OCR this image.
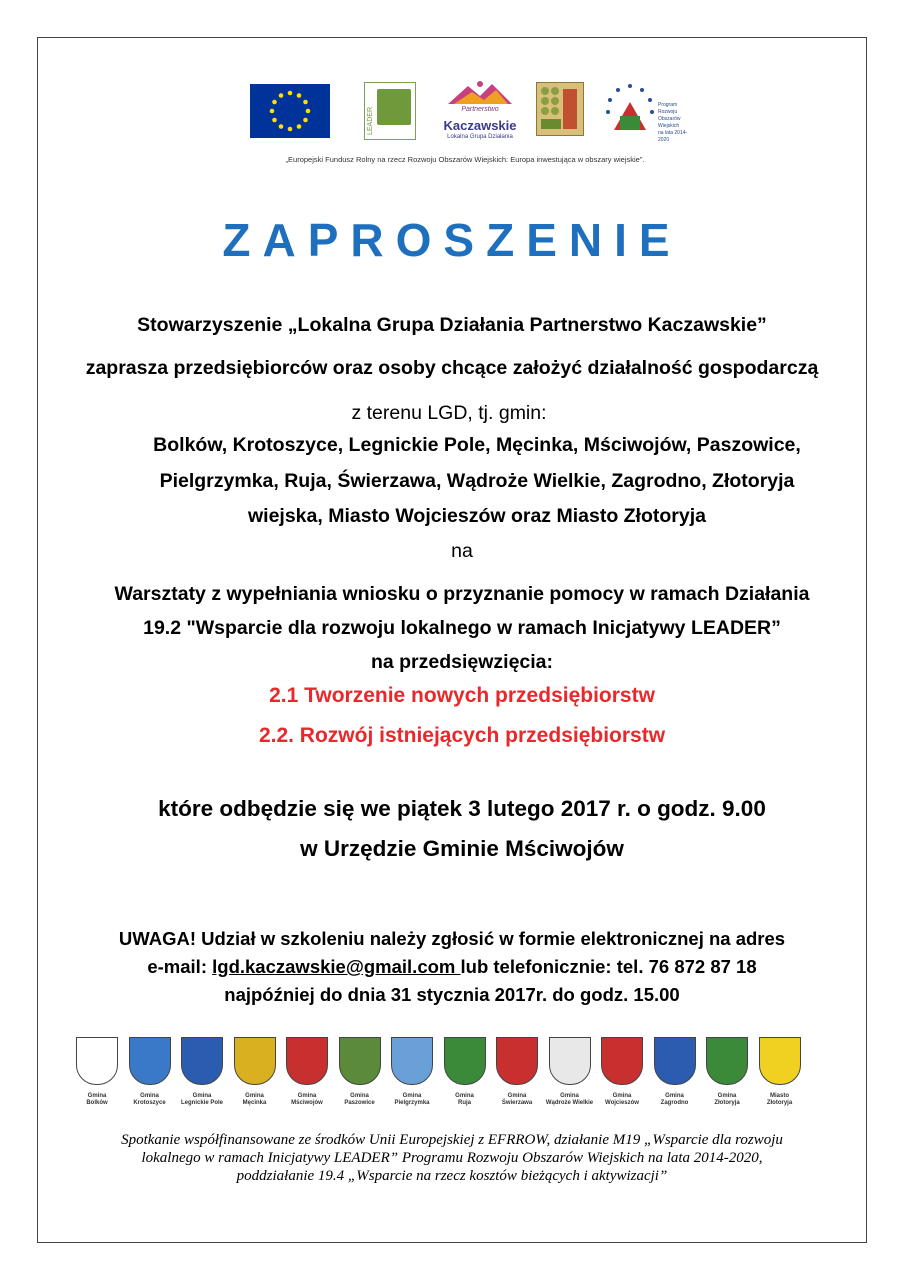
LEADER	Partnerstwo
Kaczawskie
Lokalna Grupa Działania
Program
Rozwoju
Obszarów
Wiejskich
na lata 2014-2020
„Europejski Fundusz Rolny na rzecz Rozwoju Obszarów Wiejskich: Europa inwestująca w obszary wiejskie”.
ZAPROSZENIE
Stowarzyszenie „Lokalna Grupa Działania Partnerstwo Kaczawskie”
zaprasza przedsiębiorców oraz osoby chcące założyć działalność gospodarczą
z terenu LGD, tj. gmin:
Bolków, Krotoszyce, Legnickie Pole, Męcinka, Mściwojów, Paszowice,
Pielgrzymka, Ruja, Świerzawa, Wądroże Wielkie, Zagrodno, Złotoryja
wiejska, Miasto Wojcieszów oraz Miasto Złotoryja
na
Warsztaty z wypełniania wniosku o przyznanie pomocy w ramach Działania
19.2 "Wsparcie dla rozwoju lokalnego w ramach Inicjatywy LEADER”
na przedsięwzięcia:
2.1 Tworzenie nowych przedsiębiorstw
2.2. Rozwój istniejących przedsiębiorstw
które odbędzie się we piątek 3 lutego 2017 r. o godz. 9.00
w Urzędzie Gminie Mściwojów
UWAGA! Udział w szkoleniu należy zgłosić w formie elektronicznej na adres
e-mail: lgd.kaczawskie@gmail.com lub telefonicznie: tel. 76 872 87 18
najpóźniej do dnia 31 stycznia 2017r. do godz. 15.00
Gmina
Bolków
Gmina
Krotoszyce
Gmina
Legnickie Pole
Gmina
Męcinka
Gmina
Mściwojów
Gmina
Paszowice
Gmina
Pielgrzymka
Gmina
Ruja
Gmina
Świerzawa
Gmina
Wądroże Wielkie
Gmina
Wojcieszów
Gmina
Zagrodno
Gmina
Złotoryja
Miasto
Złotoryja
Spotkanie współfinansowane ze środków Unii Europejskiej z EFRROW, działanie M19 „Wsparcie dla rozwoju
lokalnego w ramach Inicjatywy LEADER” Programu Rozwoju Obszarów Wiejskich na lata 2014-2020,
poddziałanie 19.4 „Wsparcie na rzecz kosztów bieżących i aktywizacji”
